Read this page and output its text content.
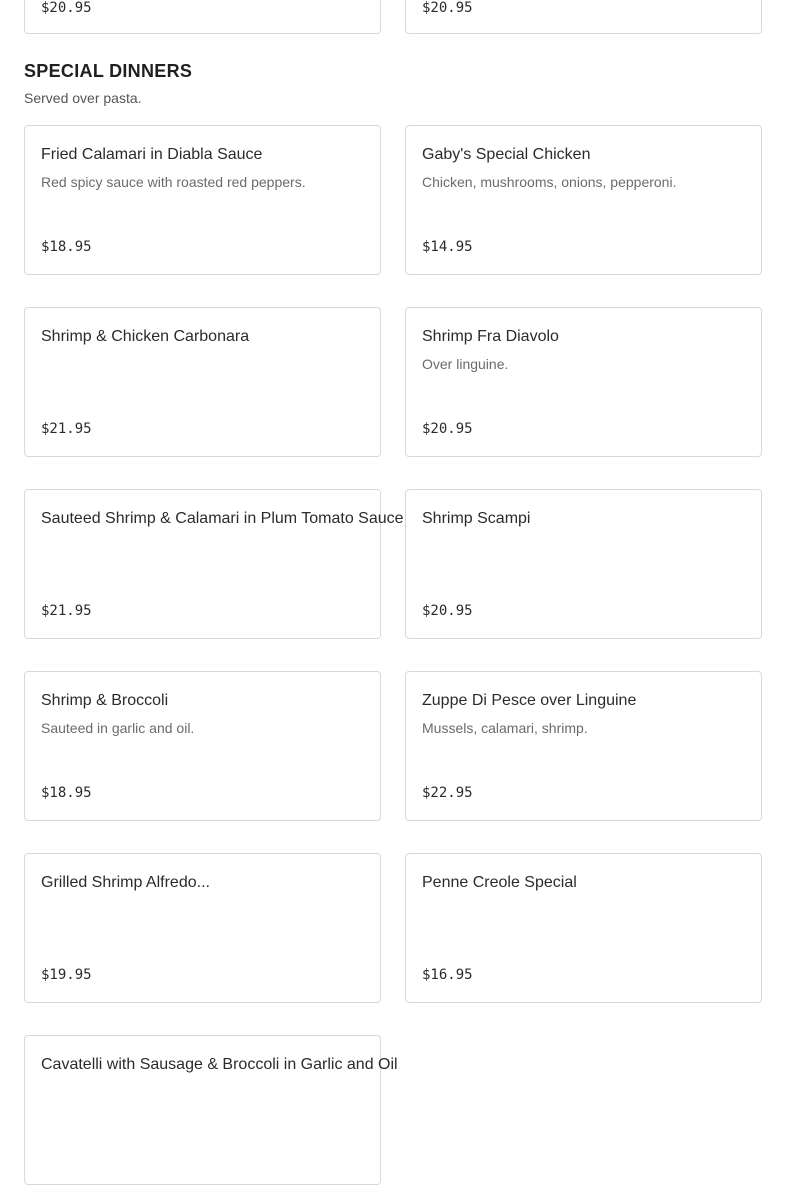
$20.95	$20.95
SPECIAL DINNERS

Served over pasta.

Fried Calamari in Diabla Sauce
Red spicy sauce with roasted red peppers.
$18.95
Gaby's Special Chicken
Chicken, mushrooms, onions, pepperoni.
$14.95
Shrimp & Chicken Carbonara
$21.95
Shrimp Fra Diavolo
Over linguine.
$20.95
Sauteed Shrimp & Calamari in Plum Tomato Sauce
$21.95
Shrimp Scampi
$20.95
Shrimp & Broccoli
Sauteed in garlic and oil.
$18.95
Zuppe Di Pesce over Linguine
Mussels, calamari, shrimp.
$22.95
Grilled Shrimp Alfredo...
$19.95
Penne Creole Special
$16.95
Cavatelli with Sausage & Broccoli in Garlic and Oil
